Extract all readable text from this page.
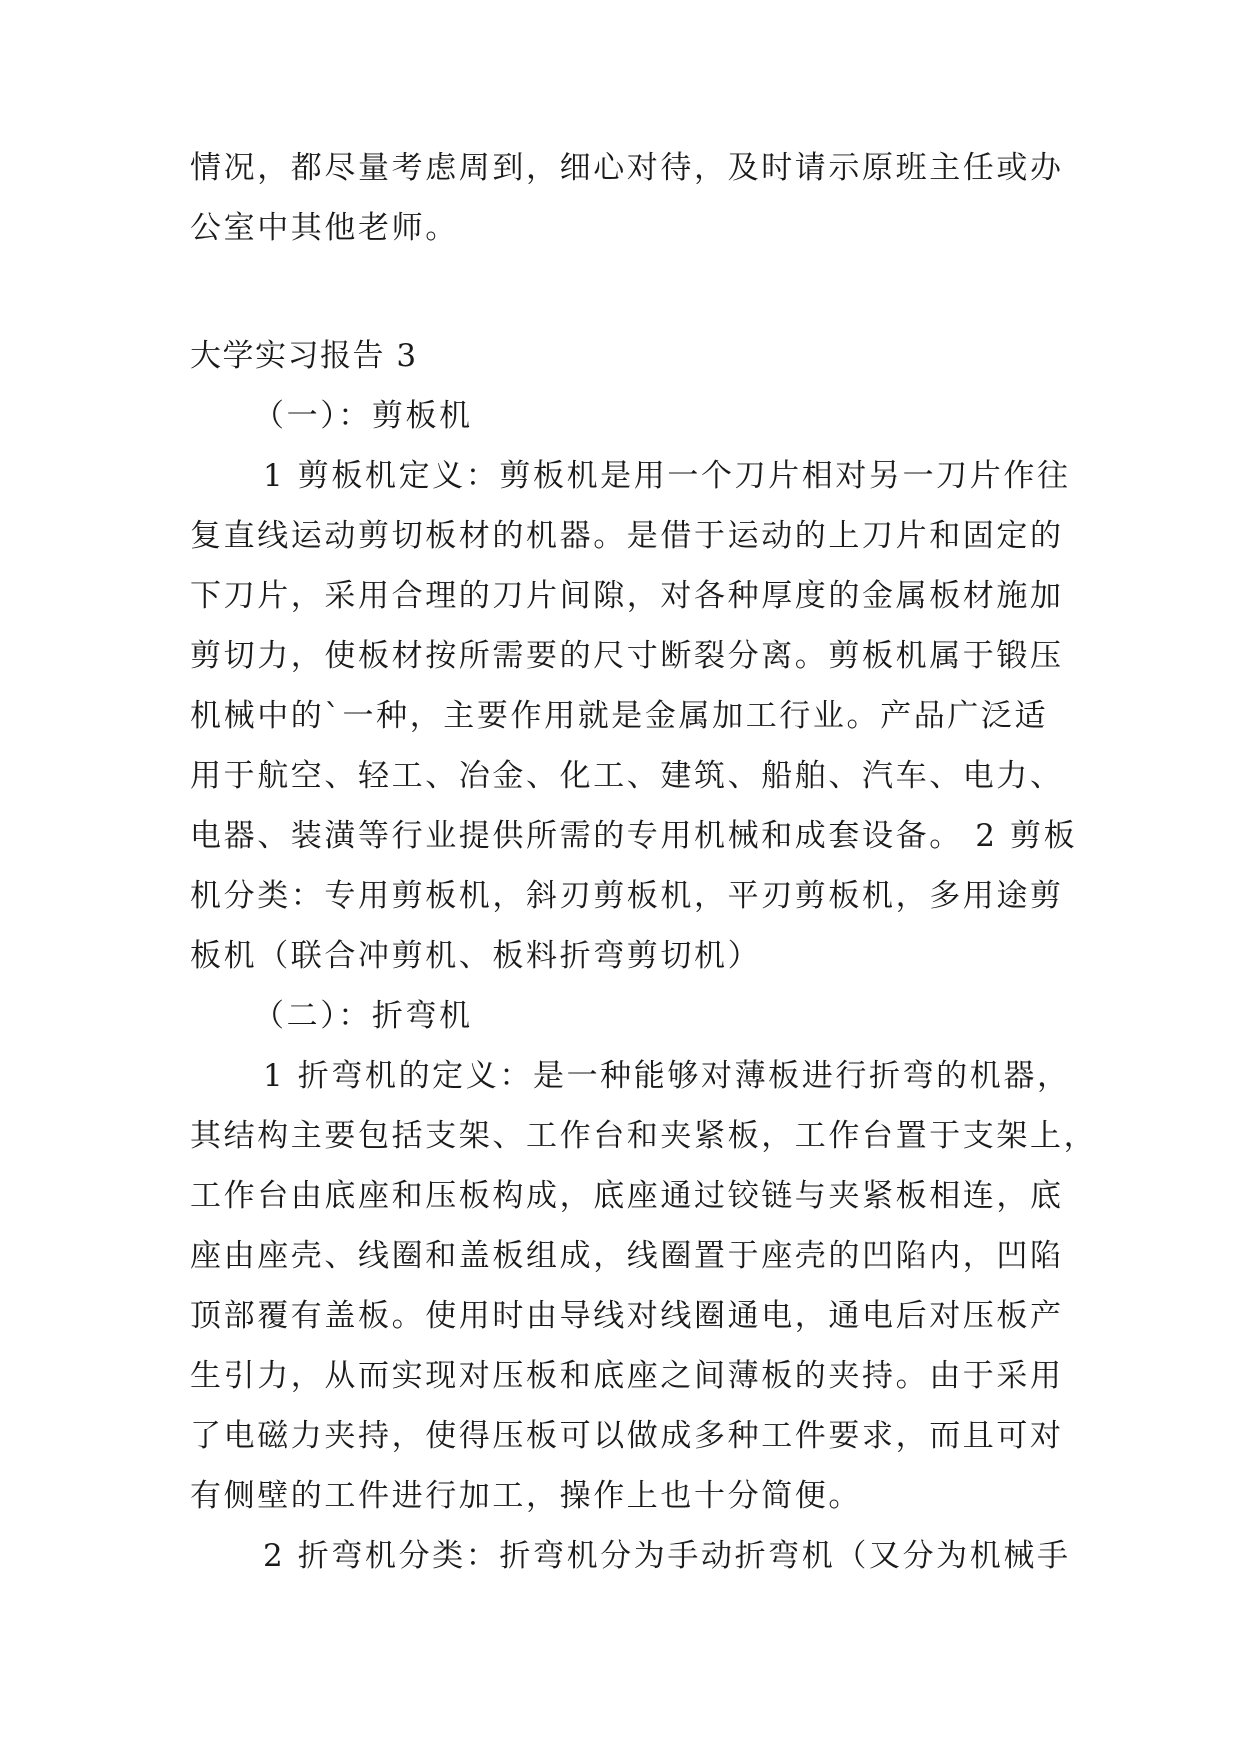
情况，都尽量考虑周到，细心对待，及时请示原班主任或办
公室中其他老师。
大学实习报告 3
（一）：剪板机
1 剪板机定义：剪板机是用一个刀片相对另一刀片作往
复直线运动剪切板材的机器。是借于运动的上刀片和固定的
下刀片，采用合理的刀片间隙，对各种厚度的金属板材施加
剪切力，使板材按所需要的尺寸断裂分离。剪板机属于锻压
机械中的`一种，主要作用就是金属加工行业。产品广泛适
用于航空、轻工、冶金、化工、建筑、船舶、汽车、电力、
电器、装潢等行业提供所需的专用机械和成套设备。 2 剪板
机分类：专用剪板机，斜刃剪板机，平刃剪板机，多用途剪
板机（联合冲剪机、板料折弯剪切机）
（二）：折弯机
1 折弯机的定义：是一种能够对薄板进行折弯的机器，
其结构主要包括支架、工作台和夹紧板，工作台置于支架上，
工作台由底座和压板构成，底座通过铰链与夹紧板相连，底
座由座壳、线圈和盖板组成，线圈置于座壳的凹陷内，凹陷
顶部覆有盖板。使用时由导线对线圈通电，通电后对压板产
生引力，从而实现对压板和底座之间薄板的夹持。由于采用
了电磁力夹持，使得压板可以做成多种工件要求，而且可对
有侧壁的工件进行加工，操作上也十分简便。
2 折弯机分类：折弯机分为手动折弯机（又分为机械手
